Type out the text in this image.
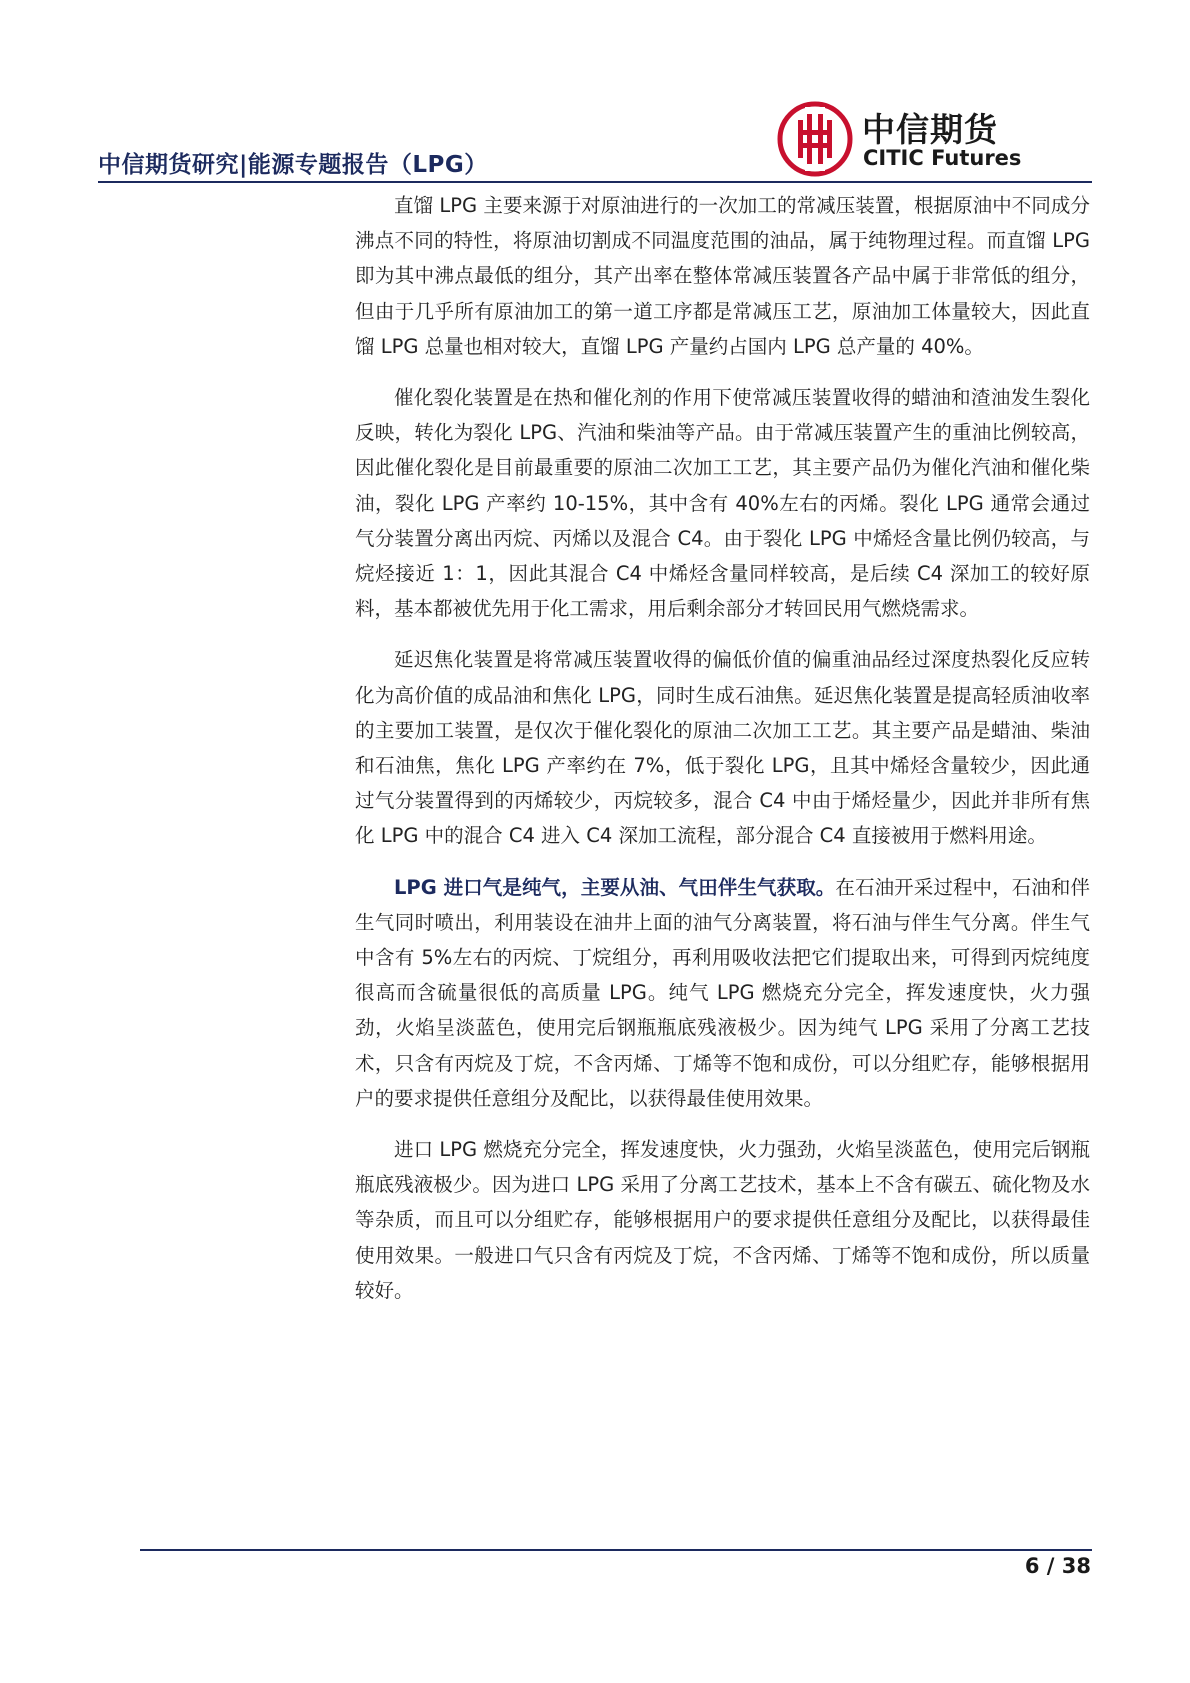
中信期货研究|能源专题报告（LPG）
中信期货
CITIC Futures

直馏 LPG 主要来源于对原油进行的一次加工的常减压装置，根据原油中不同成分沸点不同的特性，将原油切割成不同温度范围的油品，属于纯物理过程。而直馏 LPG 即为其中沸点最低的组分，其产出率在整体常减压装置各产品中属于非常低的组分，但由于几乎所有原油加工的第一道工序都是常减压工艺，原油加工体量较大，因此直馏 LPG 总量也相对较大，直馏 LPG 产量约占国内 LPG 总产量的 40%。

催化裂化装置是在热和催化剂的作用下使常减压装置收得的蜡油和渣油发生裂化反映，转化为裂化 LPG、汽油和柴油等产品。由于常减压装置产生的重油比例较高，因此催化裂化是目前最重要的原油二次加工工艺，其主要产品仍为催化汽油和催化柴油，裂化 LPG 产率约 10-15%，其中含有 40%左右的丙烯。裂化 LPG 通常会通过气分装置分离出丙烷、丙烯以及混合 C4。由于裂化 LPG 中烯烃含量比例仍较高，与烷烃接近 1：1，因此其混合 C4 中烯烃含量同样较高，是后续 C4 深加工的较好原料，基本都被优先用于化工需求，用后剩余部分才转回民用气燃烧需求。

延迟焦化装置是将常减压装置收得的偏低价值的偏重油品经过深度热裂化反应转化为高价值的成品油和焦化 LPG，同时生成石油焦。延迟焦化装置是提高轻质油收率的主要加工装置，是仅次于催化裂化的原油二次加工工艺。其主要产品是蜡油、柴油和石油焦，焦化 LPG 产率约在 7%，低于裂化 LPG，且其中烯烃含量较少，因此通过气分装置得到的丙烯较少，丙烷较多，混合 C4 中由于烯烃量少，因此并非所有焦化 LPG 中的混合 C4 进入 C4 深加工流程，部分混合 C4 直接被用于燃料用途。

LPG 进口气是纯气，主要从油、气田伴生气获取。在石油开采过程中，石油和伴生气同时喷出，利用装设在油井上面的油气分离装置，将石油与伴生气分离。伴生气中含有 5%左右的丙烷、丁烷组分，再利用吸收法把它们提取出来，可得到丙烷纯度很高而含硫量很低的高质量 LPG。纯气 LPG 燃烧充分完全，挥发速度快，火力强劲，火焰呈淡蓝色，使用完后钢瓶瓶底残液极少。因为纯气 LPG 采用了分离工艺技术，只含有丙烷及丁烷，不含丙烯、丁烯等不饱和成份，可以分组贮存，能够根据用户的要求提供任意组分及配比，以获得最佳使用效果。

进口 LPG 燃烧充分完全，挥发速度快，火力强劲，火焰呈淡蓝色，使用完后钢瓶瓶底残液极少。因为进口 LPG 采用了分离工艺技术，基本上不含有碳五、硫化物及水等杂质，而且可以分组贮存，能够根据用户的要求提供任意组分及配比，以获得最佳使用效果。一般进口气只含有丙烷及丁烷，不含丙烯、丁烯等不饱和成份，所以质量较好。

6 / 38
